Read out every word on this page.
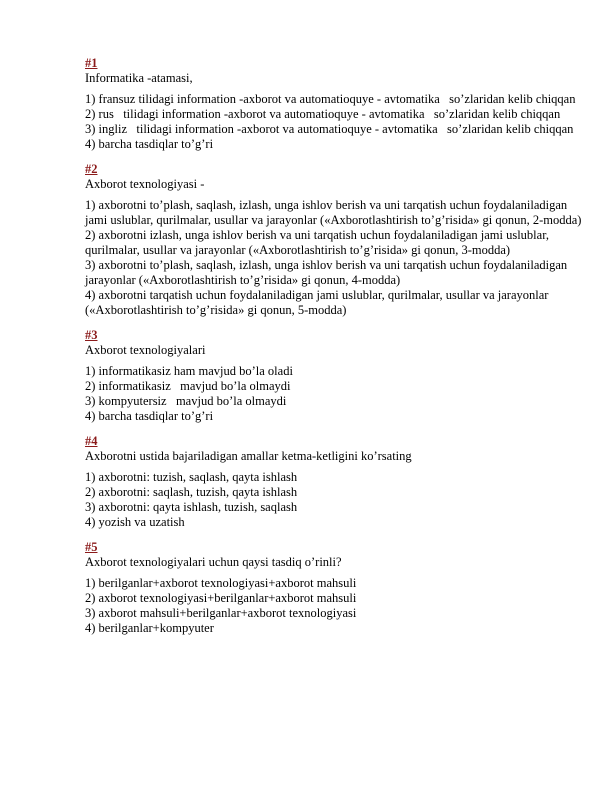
#1
Informatika -atamasi,
1) fransuz tilidagi information -axborot va automatioquye - avtomatika   so’zlaridan kelib chiqqan
2) rus   tilidagi information -axborot va automatioquye - avtomatika   so’zlaridan kelib chiqqan
3) ingliz   tilidagi information -axborot va automatioquye - avtomatika   so’zlaridan kelib chiqqan
4) barcha tasdiqlar to’g’ri
#2
Axborot texnologiyasi -
1) axborotni to’plash, saqlash, izlash, unga ishlov berish va uni tarqatish uchun foydalaniladigan jami uslublar, qurilmalar, usullar va jarayonlar («Axborotlashtirish to’g’risida» gi qonun, 2-modda)
2) axborotni izlash, unga ishlov berish va uni tarqatish uchun foydalaniladigan jami uslublar, qurilmalar, usullar va jarayonlar («Axborotlashtirish to’g’risida» gi qonun, 3-modda)
3) axborotni to’plash, saqlash, izlash, unga ishlov berish va uni tarqatish uchun foydalaniladigan jarayonlar («Axborotlashtirish to’g’risida» gi qonun, 4-modda)
4) axborotni tarqatish uchun foydalaniladigan jami uslublar, qurilmalar, usullar va jarayonlar («Axborotlashtirish to’g’risida» gi qonun, 5-modda)
#3
Axborot texnologiyalari
1) informatikasiz ham mavjud bo’la oladi
2) informatikasiz   mavjud bo’la olmaydi
3) kompyutersiz   mavjud bo’la olmaydi
4) barcha tasdiqlar to’g’ri
#4
Axborotni ustida bajariladigan amallar ketma-ketligini ko’rsating
1) axborotni: tuzish, saqlash, qayta ishlash
2) axborotni: saqlash, tuzish, qayta ishlash
3) axborotni: qayta ishlash, tuzish, saqlash
4) yozish va uzatish
#5
Axborot texnologiyalari uchun qaysi tasdiq o’rinli?
1) berilganlar+axborot texnologiyasi+axborot mahsuli
2) axborot texnologiyasi+berilganlar+axborot mahsuli
3) axborot mahsuli+berilganlar+axborot texnologiyasi
4) berilganlar+kompyuter
